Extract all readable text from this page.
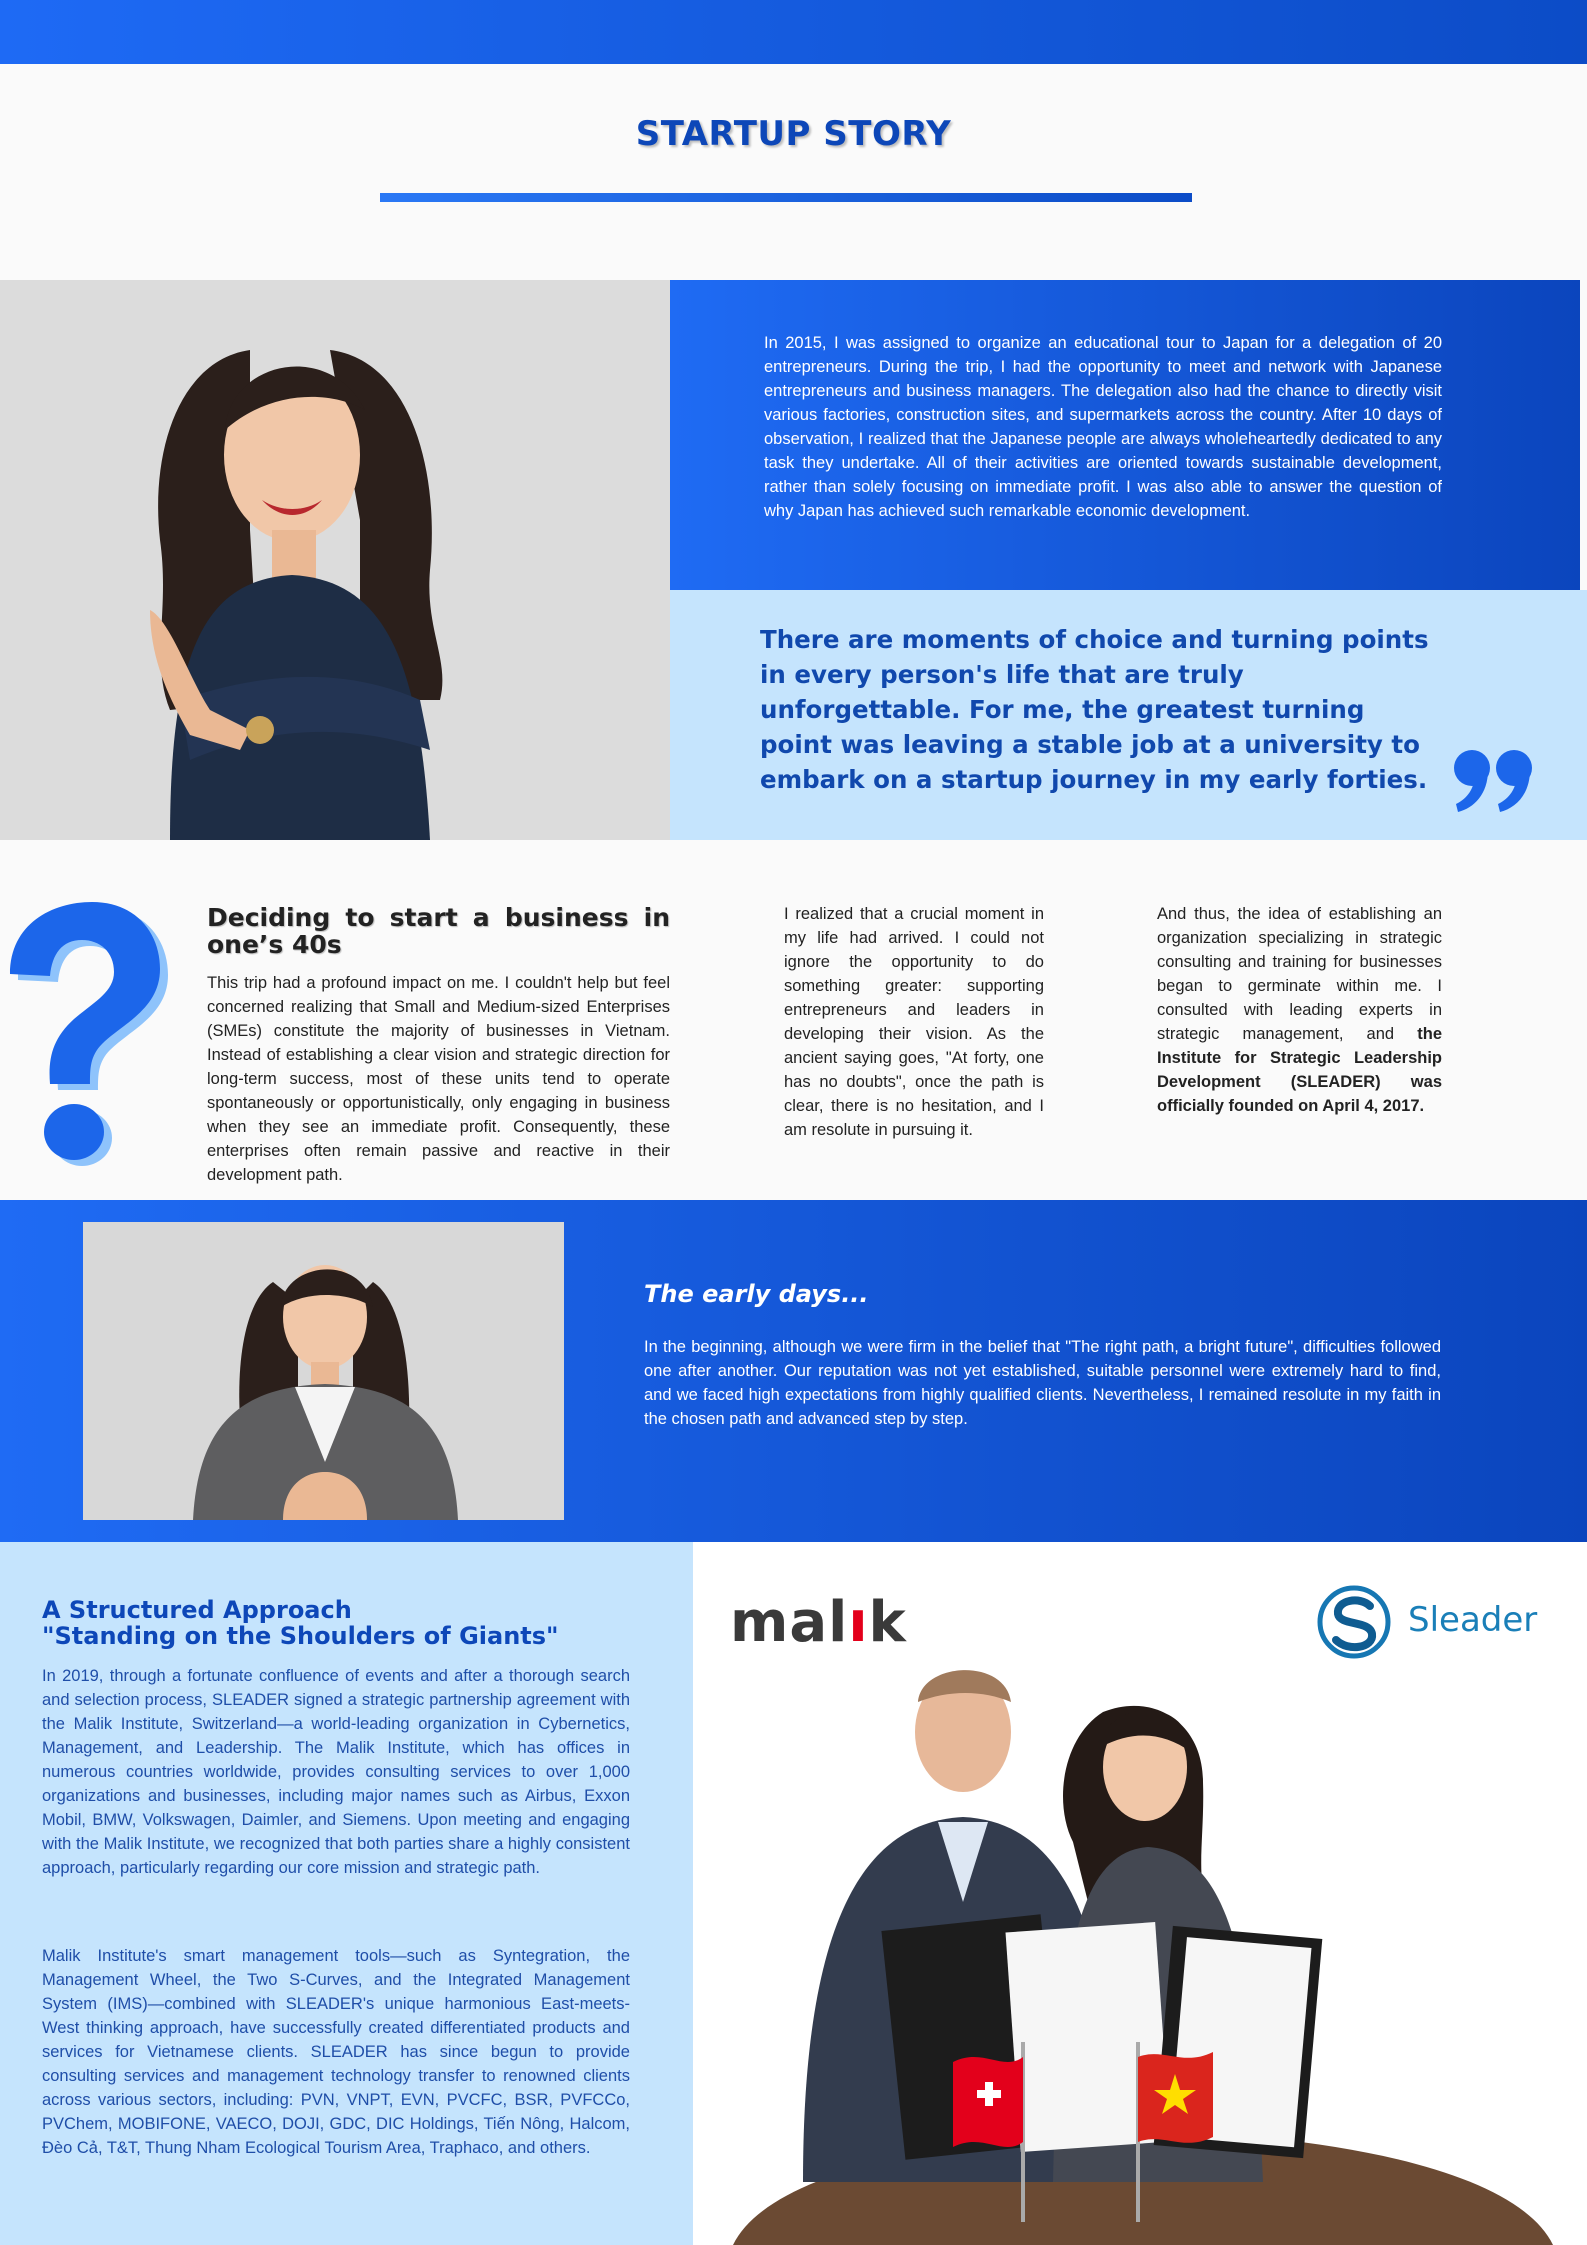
STARTUP STORY

In 2015, I was assigned to organize an educational tour to Japan for a delegation of 20 entrepreneurs. During the trip, I had the opportunity to meet and network with Japanese entrepreneurs and business managers. The delegation also had the chance to directly visit various factories, construction sites, and supermarkets across the country. After 10 days of observation, I realized that the Japanese people are always wholeheartedly dedicated to any task they undertake. All of their activities are oriented towards sustainable development, rather than solely focusing on immediate profit. I was also able to answer the question of why Japan has achieved such remarkable economic development.

There are moments of choice and turning points in every person's life that are truly unforgettable. For me, the greatest turning point was leaving a stable job at a university to embark on a startup journey in my early forties.

Deciding to start a business in one’s 40s

This trip had a profound impact on me. I couldn't help but feel concerned realizing that Small and Medium-sized Enterprises (SMEs) constitute the majority of businesses in Vietnam. Instead of establishing a clear vision and strategic direction for long-term success, most of these units tend to operate spontaneously or opportunistically, only engaging in business when they see an immediate profit. Consequently, these enterprises often remain passive and reactive in their development path.

I realized that a crucial moment in my life had arrived. I could not ignore the opportunity to do something greater: supporting entrepreneurs and leaders in developing their vision. As the ancient saying goes, "At forty, one has no doubts", once the path is clear, there is no hesitation, and I am resolute in pursuing it.

And thus, the idea of establishing an organization specializing in strategic consulting and training for businesses began to germinate within me. I consulted with leading experts in strategic management, and the Institute for Strategic Leadership Development (SLEADER) was officially founded on April 4, 2017.

The early days...

In the beginning, although we were firm in the belief that "The right path, a bright future", difficulties followed one after another. Our reputation was not yet established, suitable personnel were extremely hard to find, and we faced high expectations from highly qualified clients. Nevertheless, I remained resolute in my faith in the chosen path and advanced step by step.

A Structured Approach
"Standing on the Shoulders of Giants"

In 2019, through a fortunate confluence of events and after a thorough search and selection process, SLEADER signed a strategic partnership agreement with the Malik Institute, Switzerland—a world-leading organization in Cybernetics, Management, and Leadership. The Malik Institute, which has offices in numerous countries worldwide, provides consulting services to over 1,000 organizations and businesses, including major names such as Airbus, Exxon Mobil, BMW, Volkswagen, Daimler, and Siemens. Upon meeting and engaging with the Malik Institute, we recognized that both parties share a highly consistent approach, particularly regarding our core mission and strategic path.

Malik Institute's smart management tools—such as Syntegration, the Management Wheel, the Two S-Curves, and the Integrated Management System (IMS)—combined with SLEADER's unique harmonious East-meets-West thinking approach, have successfully created differentiated products and services for Vietnamese clients. SLEADER has since begun to provide consulting services and management technology transfer to renowned clients across various sectors, including: PVN, VNPT, EVN, PVCFC, BSR, PVFCCo, PVChem, MOBIFONE, VAECO, DOJI, GDC, DIC Holdings, Tiến Nông, Halcom, Đèo Cả, T&T, Thung Nham Ecological Tourism Area, Traphaco, and others.

malık	Sleader
